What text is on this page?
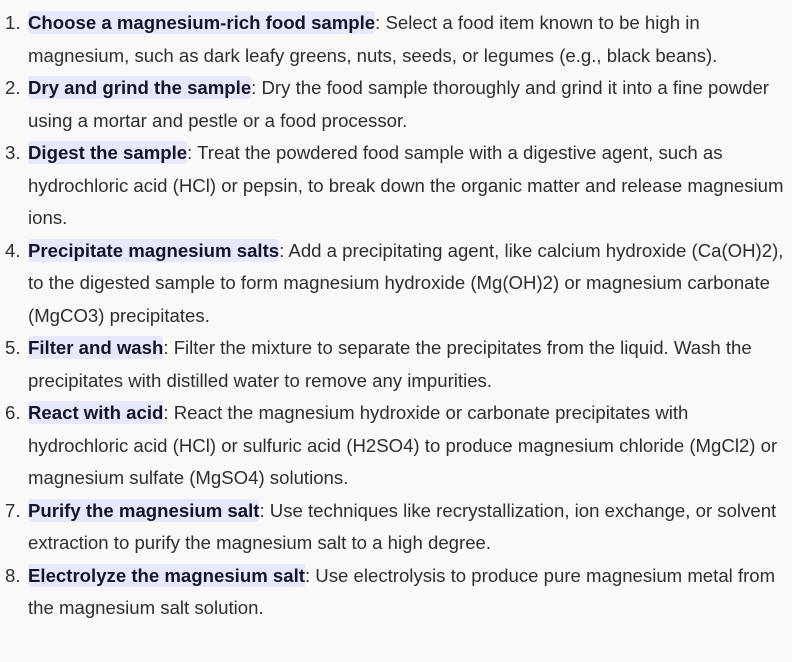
1. Choose a magnesium-rich food sample: Select a food item known to be high in magnesium, such as dark leafy greens, nuts, seeds, or legumes (e.g., black beans).
2. Dry and grind the sample: Dry the food sample thoroughly and grind it into a fine powder using a mortar and pestle or a food processor.
3. Digest the sample: Treat the powdered food sample with a digestive agent, such as hydrochloric acid (HCl) or pepsin, to break down the organic matter and release magnesium ions.
4. Precipitate magnesium salts: Add a precipitating agent, like calcium hydroxide (Ca(OH)2), to the digested sample to form magnesium hydroxide (Mg(OH)2) or magnesium carbonate (MgCO3) precipitates.
5. Filter and wash: Filter the mixture to separate the precipitates from the liquid. Wash the precipitates with distilled water to remove any impurities.
6. React with acid: React the magnesium hydroxide or carbonate precipitates with hydrochloric acid (HCl) or sulfuric acid (H2SO4) to produce magnesium chloride (MgCl2) or magnesium sulfate (MgSO4) solutions.
7. Purify the magnesium salt: Use techniques like recrystallization, ion exchange, or solvent extraction to purify the magnesium salt to a high degree.
8. Electrolyze the magnesium salt: Use electrolysis to produce pure magnesium metal from the magnesium salt solution.
